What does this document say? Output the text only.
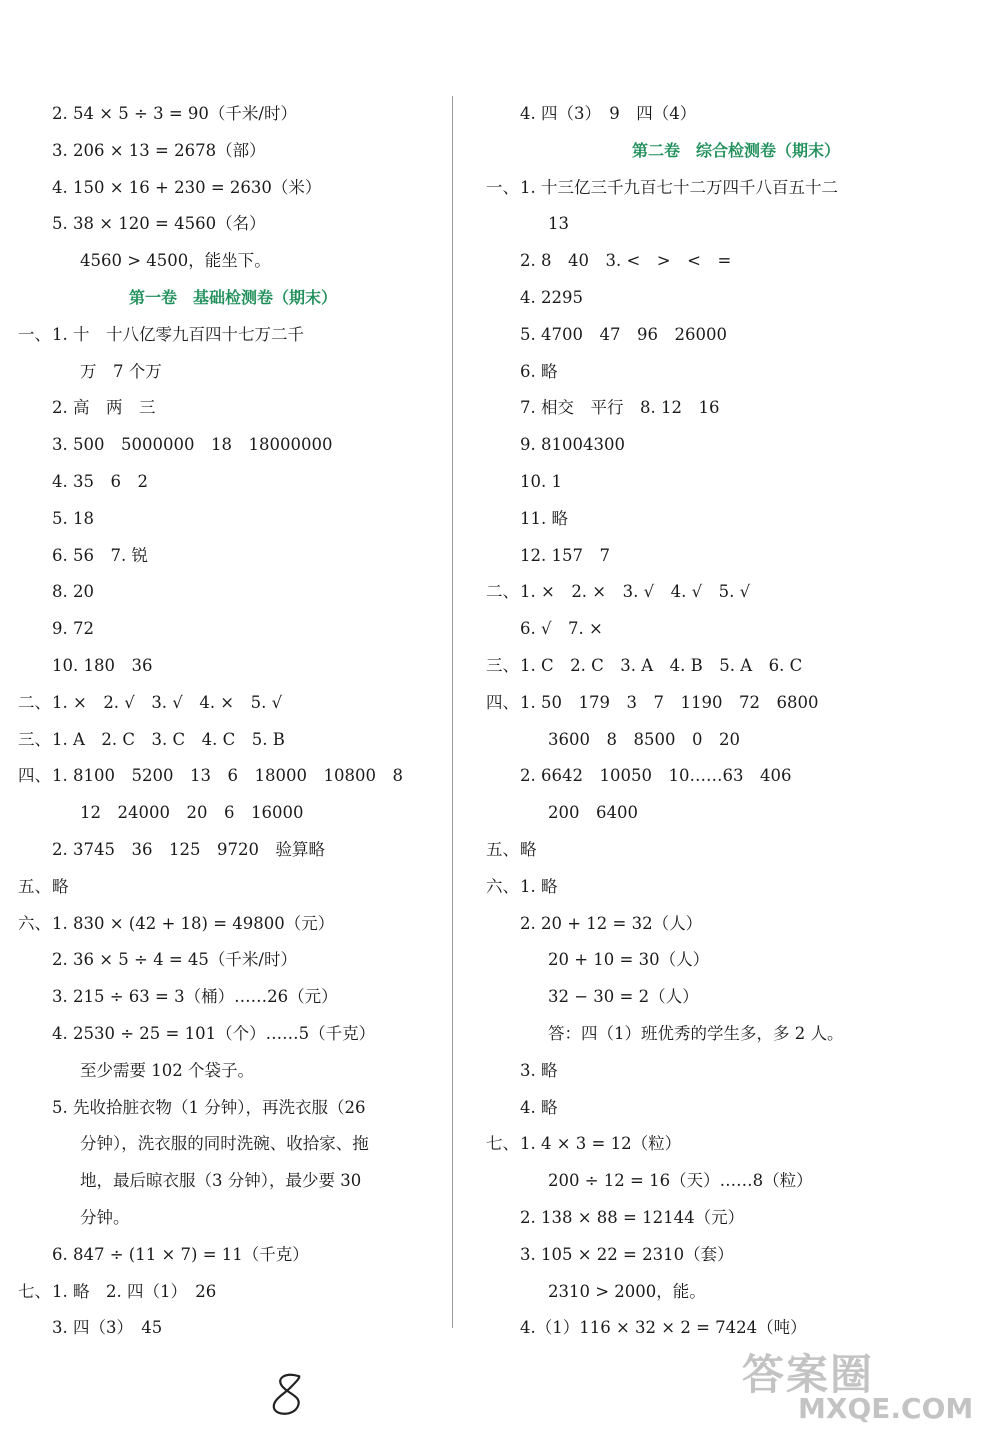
2. 54 × 5 ÷ 3 = 90（千米/时）
3. 206 × 13 = 2678（部）
4. 150 × 16 + 230 = 2630（米）
5. 38 × 120 = 4560（名）
4560 > 4500，能坐下。
第一卷　基础检测卷（期末）
一、 1. 十　十八亿零九百四十七万二千
万　7 个万
2. 高　两　三
3. 500　5000000　18　18000000
4. 35　6　2
5. 18
6. 56　7. 锐
8. 20
9. 72
10. 180　36
二、 1. ×　2. √　3. √　4. ×　5. √
三、 1. A　2. C　3. C　4. C　5. B
四、 1. 8100　5200　13　6　18000　10800　8
12　24000　20　6　16000
2. 3745　36　125　9720　验算略
五、 略
六、 1. 830 × (42 + 18) = 49800（元）
2. 36 × 5 ÷ 4 = 45（千米/时）
3. 215 ÷ 63 = 3（桶）……26（元）
4. 2530 ÷ 25 = 101（个）……5（千克）
至少需要 102 个袋子。
5. 先收拾脏衣物（1 分钟），再洗衣服（26
分钟），洗衣服的同时洗碗、收拾家、拖
地，最后晾衣服（3 分钟），最少要 30
分钟。
6. 847 ÷ (11 × 7) = 11（千克）
七、 1. 略　2. 四（1）　26
3. 四（3）　45
4. 四（3）　9　四（4）
第二卷　综合检测卷（期末）
一、 1. 十三亿三千九百七十二万四千八百五十二
13
2. 8　40　3. <　>　<　=
4. 2295
5. 4700　47　96　26000
6. 略
7. 相交　平行　8. 12　16
9. 81004300
10. 1
11. 略
12. 157　7
二、 1. ×　2. ×　3. √　4. √　5. √
6. √　7. ×
三、 1. C　2. C　3. A　4. B　5. A　6. C
四、 1. 50　179　3　7　1190　72　6800
3600　8　8500　0　20
2. 6642　10050　10……63　406
200　6400
五、 略
六、 1. 略
2. 20 + 12 = 32（人）
20 + 10 = 30（人）
32 − 30 = 2（人）
答：四（1）班优秀的学生多，多 2 人。
3. 略
4. 略
七、 1. 4 × 3 = 12（粒）
200 ÷ 12 = 16（天）……8（粒）
2. 138 × 88 = 12144（元）
3. 105 × 22 = 2310（套）
2310 > 2000，能。
4.（1）116 × 32 × 2 = 7424（吨）
答案圈
MXQE.COM
